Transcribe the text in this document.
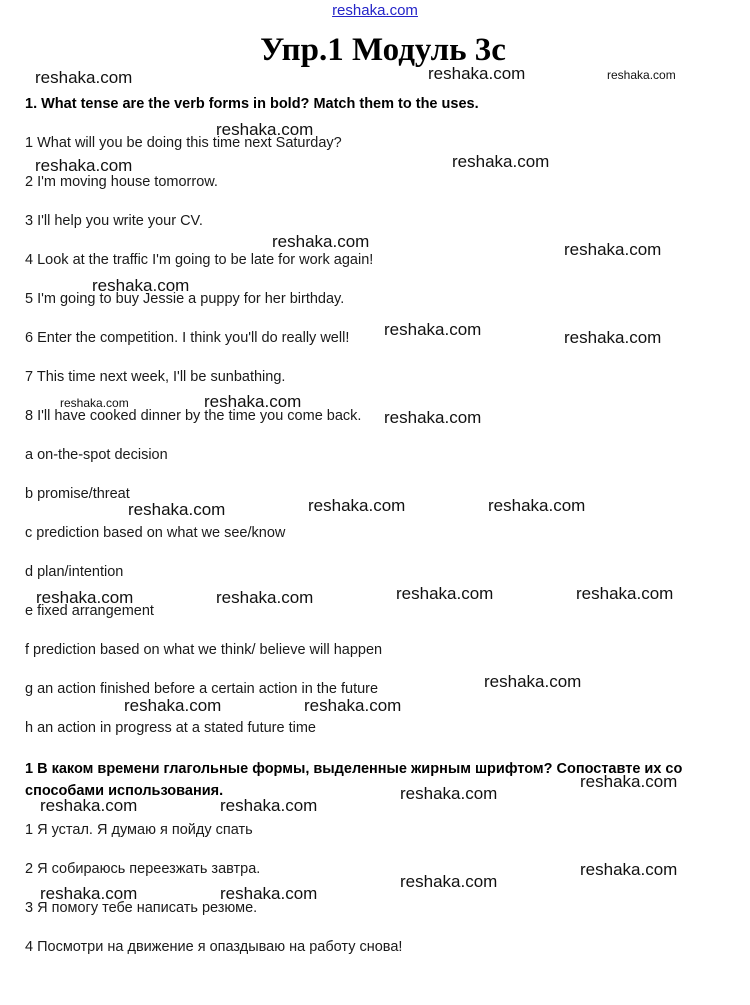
reshaka.com
Упр.1 Модуль 3с
1. What tense are the verb forms in bold? Match them to the uses.
1 What will you be doing this time next Saturday?
2 I'm moving house tomorrow.
3 I'll help you write your CV.
4 Look at the traffic I'm going to be late for work again!
5 I'm going to buy Jessie a puppy for her birthday.
6 Enter the competition. I think you'll do really well!
7 This time next week, I'll be sunbathing.
8 I'll have cooked dinner by the time you come back.
a on-the-spot decision
b promise/threat
c prediction based on what we see/know
d plan/intention
e fixed arrangement
f prediction based on what we think/ believe will happen
g an action finished before a certain action in the future
h an action in progress at a stated future time
1 В каком времени глагольные формы, выделенные жирным шрифтом? Сопоставте их со
способами использования.
1 Я устал. Я думаю я пойду спать
2 Я собираюсь переезжать завтра.
3 Я помогу тебе написать резюме.
4 Посмотри на движение я опаздываю на работу снова!
reshaka.com	reshaka.com	reshaka.com
reshaka.com
reshaka.com	reshaka.com
reshaka.com	reshaka.com
reshaka.com
reshaka.com	reshaka.com
reshaka.com	reshaka.com
reshaka.com
reshaka.com	reshaka.com
reshaka.com
reshaka.com	reshaka.com
reshaka.com	reshaka.com
reshaka.com
reshaka.com	reshaka.com
reshaka.com
reshaka.com
reshaka.com	reshaka.com
reshaka.com
reshaka.com
reshaka.com	reshaka.com
